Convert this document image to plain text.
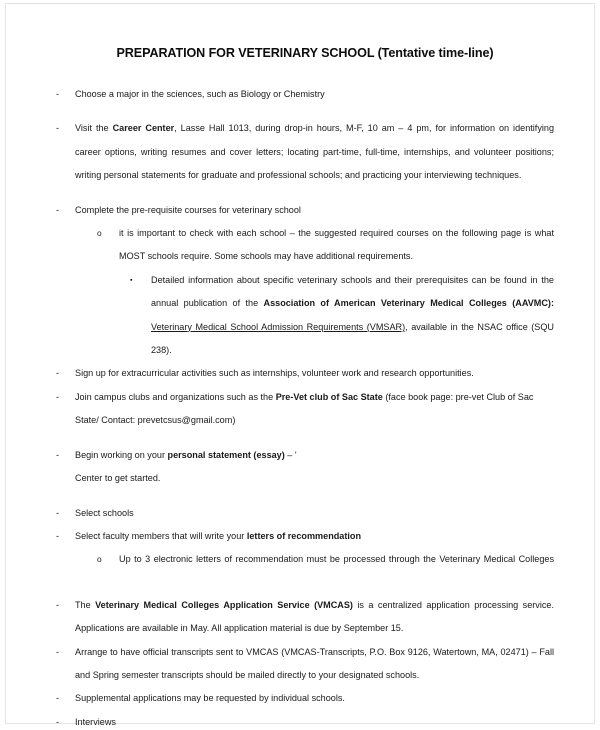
PREPARATION FOR VETERINARY SCHOOL (Tentative time-line)
-	Choose a major in the sciences, such as Biology or Chemistry
-	Visit the Career Center, Lasse Hall 1013, during drop-in hours, M-F, 10 am – 4 pm, for information on identifying career options, writing resumes and cover letters; locating part-time, full-time, internships, and volunteer positions; writing personal statements for graduate and professional schools; and practicing your interviewing techniques.
-	Complete the pre-requisite courses for veterinary school
o	it is important to check with each school – the suggested required courses on the following page is what MOST schools require. Some schools may have additional requirements.
▪	Detailed information about specific veterinary schools and their prerequisites can be found in the annual publication of the Association of American Veterinary Medical Colleges (AAVMC): Veterinary Medical School Admission Requirements (VMSAR), available in the NSAC office (SQU 238).
-	Sign up for extracurricular activities such as internships, volunteer work and research opportunities.
-	Join campus clubs and organizations such as the Pre-Vet club of Sac State (face book page: pre-vet Club of Sac State/ Contact: prevetcsus@gmail.com)
-	Begin working on your personal statement (essay) – '
Center to get started.
-	Select schools
-	Select faculty members that will write your letters of recommendation
o	Up to 3 electronic letters of recommendation must be processed through the Veterinary Medical Colleges
-	The Veterinary Medical Colleges Application Service (VMCAS) is a centralized application processing service. Applications are available in May. All application material is due by September 15.
-	Arrange to have official transcripts sent to VMCAS (VMCAS-Transcripts, P.O. Box 9126, Watertown, MA, 02471) – Fall and Spring semester transcripts should be mailed directly to your designated schools.
-	Supplemental applications may be requested by individual schools.
-	Interviews
